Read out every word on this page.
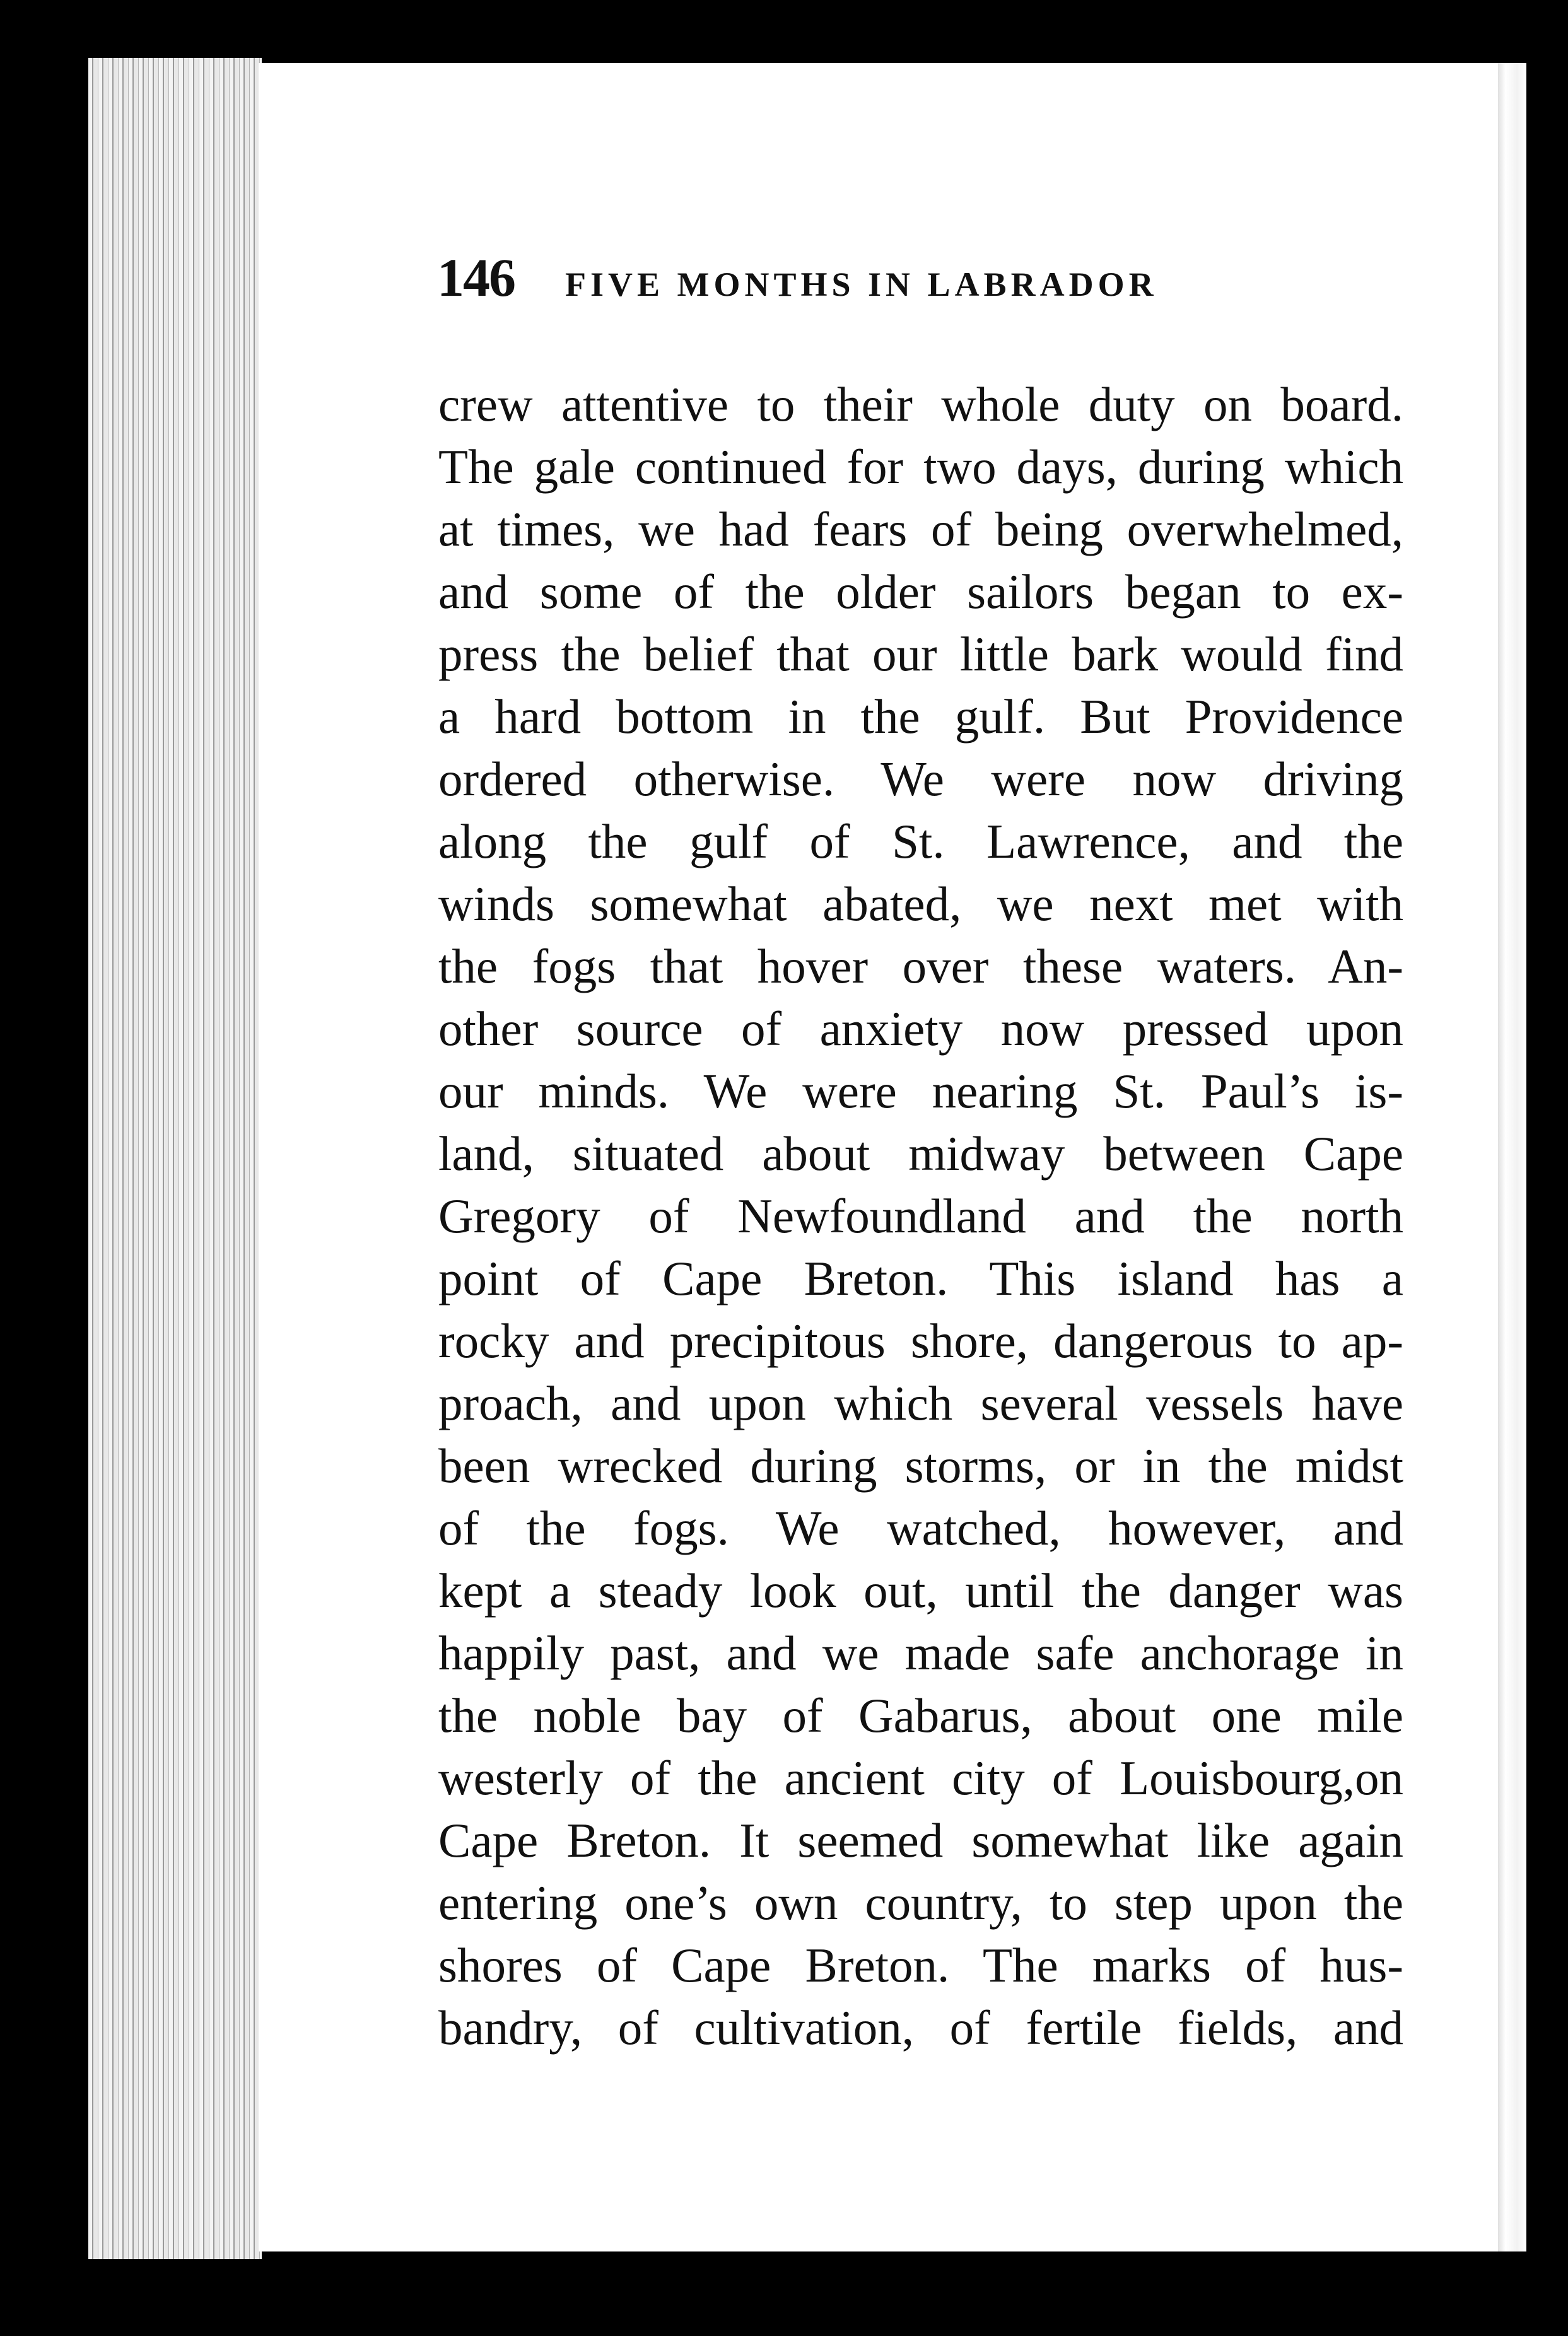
146 FIVE MONTHS IN LABRADOR
crew attentive to their whole duty on board.
The gale continued for two days, during which
at times, we had fears of being overwhelmed,
and some of the older sailors began to ex-
press the belief that our little bark would find
a hard bottom in the gulf. But Providence
ordered otherwise. We were now driving
along the gulf of St. Lawrence, and the
winds somewhat abated, we next met with
the fogs that hover over these waters. An-
other source of anxiety now pressed upon
our minds. We were nearing St. Paul’s is-
land, situated about midway between Cape
Gregory of Newfoundland and the north
point of Cape Breton. This island has a
rocky and precipitous shore, dangerous to ap-
proach, and upon which several vessels have
been wrecked during storms, or in the midst
of the fogs. We watched, however, and
kept a steady look out, until the danger was
happily past, and we made safe anchorage in
the noble bay of Gabarus, about one mile
westerly of the ancient city of Louisbourg,on
Cape Breton. It seemed somewhat like again
entering one’s own country, to step upon the
shores of Cape Breton. The marks of hus-
bandry, of cultivation, of fertile fields, and
